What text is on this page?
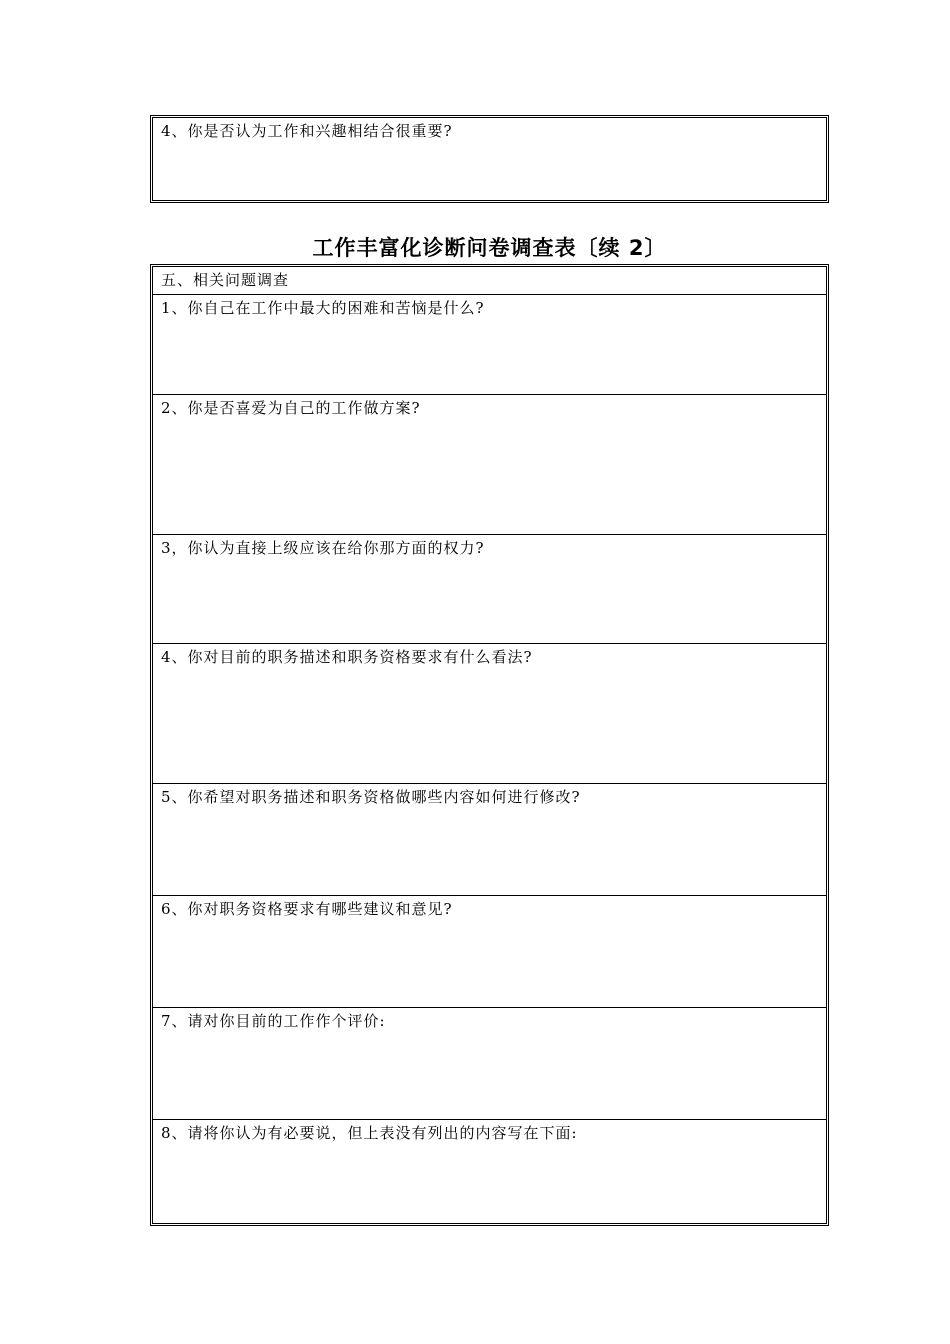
4、你是否认为工作和兴趣相结合很重要?
工作丰富化诊断问卷调查表〔续 2〕
五、相关问题调查
1、你自己在工作中最大的困难和苦恼是什么?
2、你是否喜爱为自己的工作做方案?
3，你认为直接上级应该在给你那方面的权力?
4、你对目前的职务描述和职务资格要求有什么看法?
5、你希望对职务描述和职务资格做哪些内容如何进行修改?
6、你对职务资格要求有哪些建议和意见?
7、请对你目前的工作作个评价:
8、请将你认为有必要说，但上表没有列出的内容写在下面:
